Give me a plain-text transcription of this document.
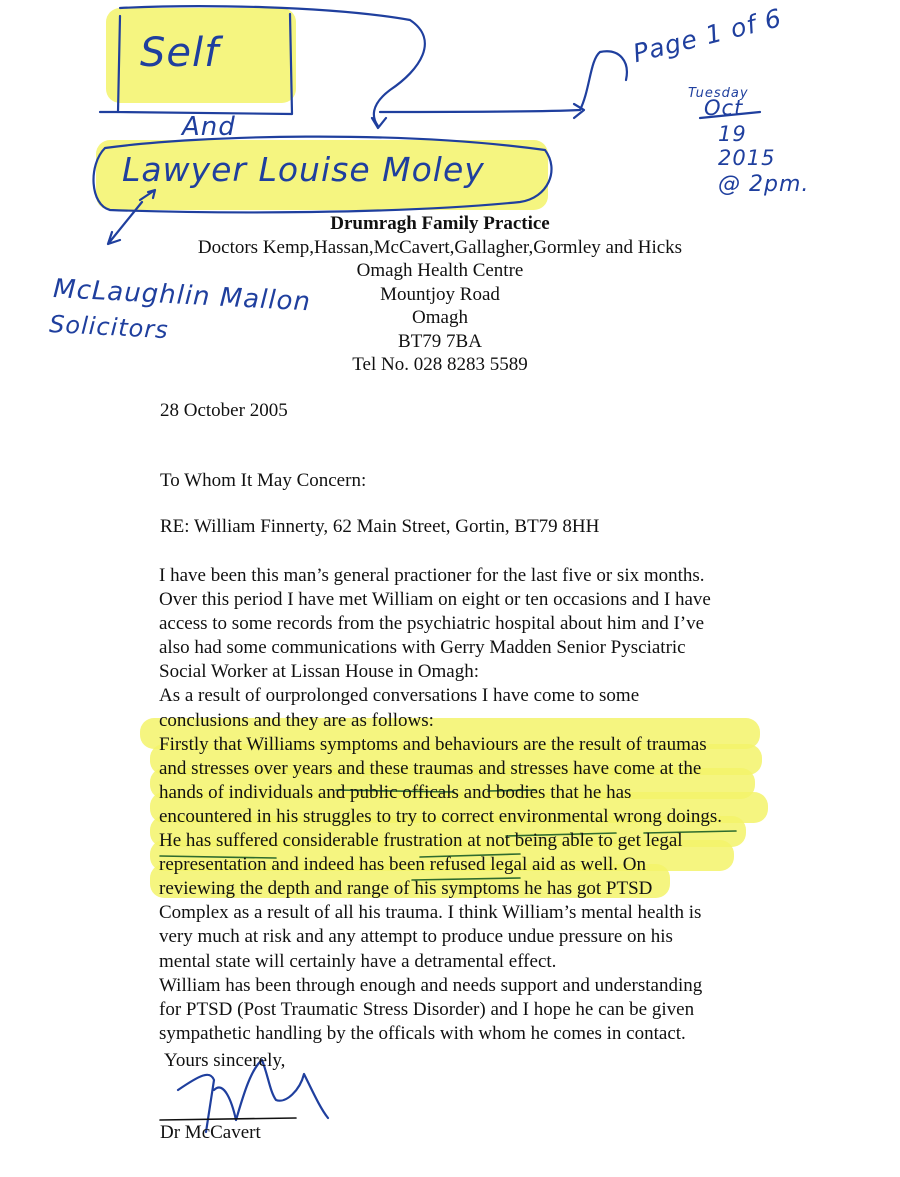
Self
And
Lawyer Louise Moley
Page 1 of 6
Tuesday
Oct
19
2015
@ 2pm.
McLaughlin Mallon
Solicitors
Drumragh Family Practice
Doctors Kemp,Hassan,McCavert,Gallagher,Gormley and Hicks
Omagh Health Centre
Mountjoy Road
Omagh
BT79 7BA
Tel No. 028 8283 5589
28 October 2005
To Whom It May Concern:
RE: William Finnerty, 62 Main Street, Gortin, BT79 8HH
I have been this man’s general practioner for the last five or six months.
Over this period I have met William on eight or ten occasions and I have
access to some records from the psychiatric hospital about him and I’ve
also had some communications with Gerry Madden Senior Pysciatric
Social Worker at Lissan House in Omagh:
As a result of ourprolonged conversations I have come to some
conclusions and they are as follows:
Firstly that Williams symptoms and behaviours are the result of traumas
and stresses over years and these traumas and stresses have come at the
hands of individuals and public officals and bodies that he has
encountered in his struggles to try to correct environmental wrong doings.
He has suffered considerable frustration at not being able to get legal
representation and indeed has been refused legal aid as well. On
reviewing the depth and range of his symptoms he has got PTSD
Complex as a result of all his trauma. I think William’s mental health is
very much at risk and any attempt to produce undue pressure on his
mental state will certainly have a detramental effect.
William has been through enough and needs support and understanding
for PTSD (Post Traumatic Stress Disorder) and I hope he can be given
sympathetic handling by the officals with whom he comes in contact.
Yours sincerely,
Dr McCavert
